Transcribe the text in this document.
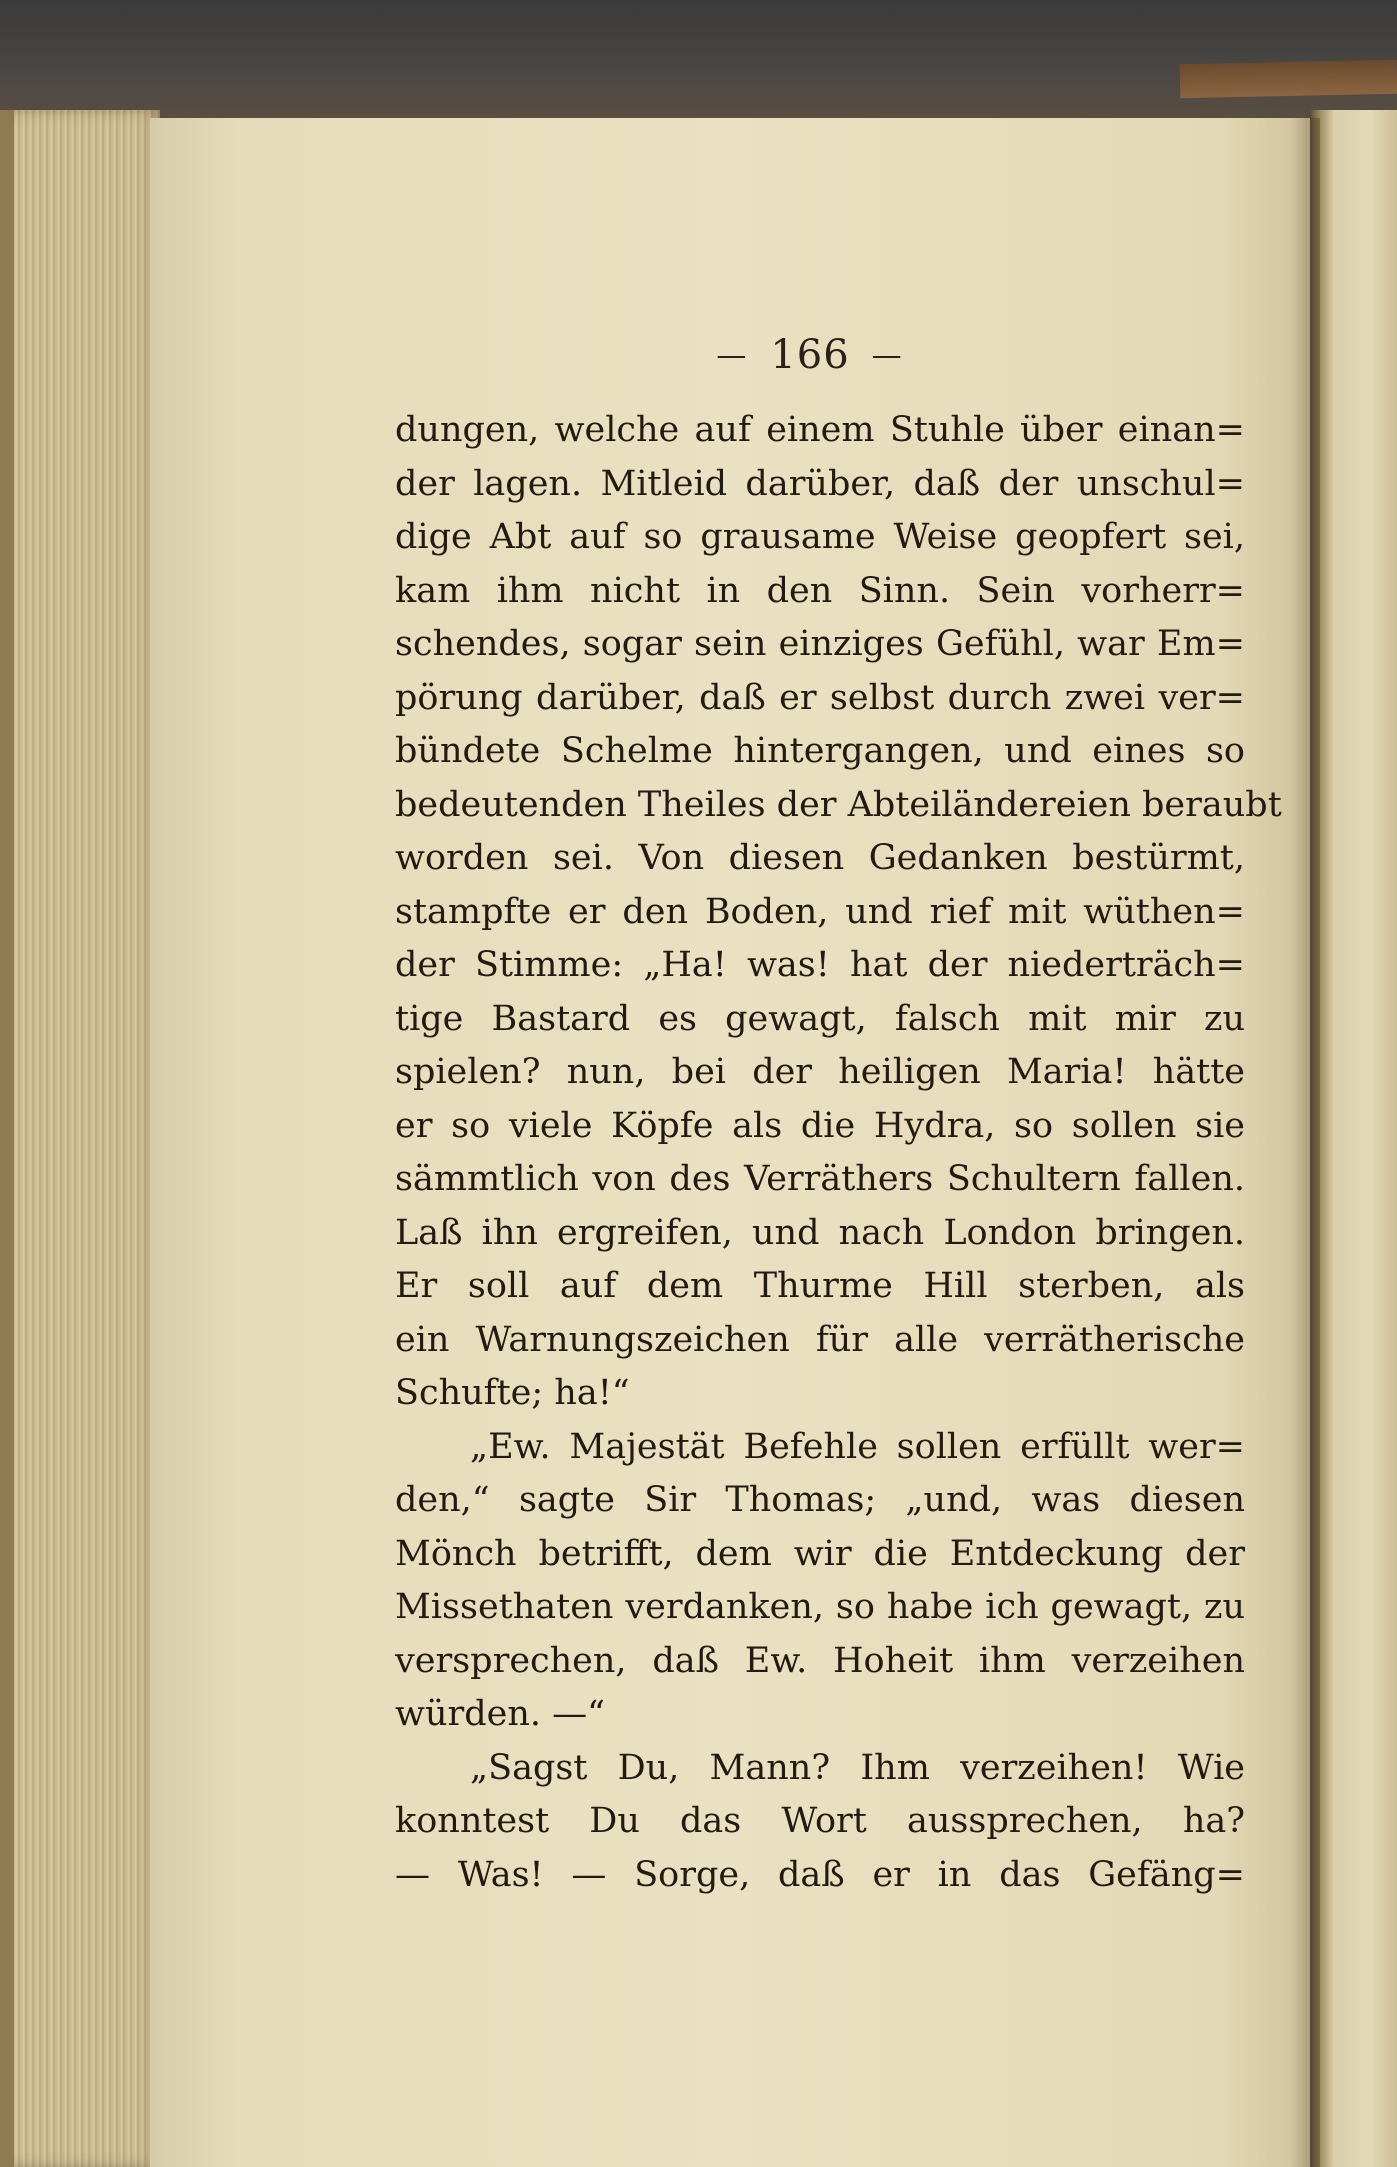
— 166 —
dungen, welche auf einem Stuhle über einan=
der lagen. Mitleid darüber, daß der unschul=
dige Abt auf so grausame Weise geopfert sei,
kam ihm nicht in den Sinn. Sein vorherr=
schendes, sogar sein einziges Gefühl, war Em=
pörung darüber, daß er selbst durch zwei ver=
bündete Schelme hintergangen, und eines so
bedeutenden Theiles der Abteiländereien beraubt
worden sei. Von diesen Gedanken bestürmt,
stampfte er den Boden, und rief mit wüthen=
der Stimme: „Ha! was! hat der niederträch=
tige Bastard es gewagt, falsch mit mir zu
spielen? nun, bei der heiligen Maria! hätte
er so viele Köpfe als die Hydra, so sollen sie
sämmtlich von des Verräthers Schultern fallen.
Laß ihn ergreifen, und nach London bringen.
Er soll auf dem Thurme Hill sterben, als
ein Warnungszeichen für alle verrätherische
Schufte; ha!“
„Ew. Majestät Befehle sollen erfüllt wer=
den,“ sagte Sir Thomas; „und, was diesen
Mönch betrifft, dem wir die Entdeckung der
Missethaten verdanken, so habe ich gewagt, zu
versprechen, daß Ew. Hoheit ihm verzeihen
würden. —“
„Sagst Du, Mann? Ihm verzeihen! Wie
konntest Du das Wort aussprechen, ha?
— Was! — Sorge, daß er in das Gefäng=
